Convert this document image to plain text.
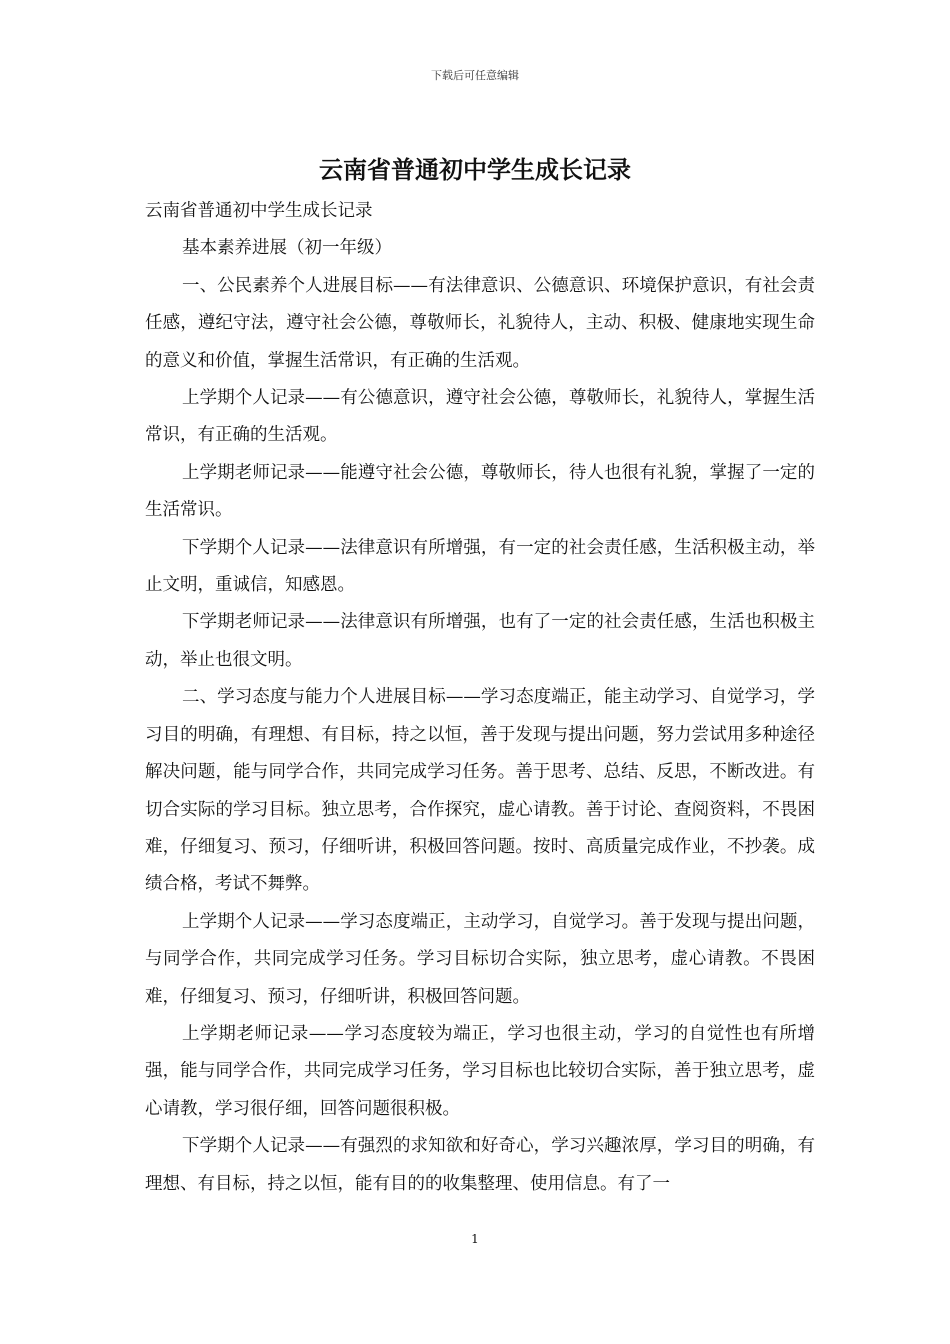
下载后可任意编辑
云南省普通初中学生成长记录

云南省普通初中学生成长记录

基本素养进展（初一年级）

一、公民素养个人进展目标——有法律意识、公德意识、环境保护意识，有社会责任感，遵纪守法，遵守社会公德，尊敬师长，礼貌待人，主动、积极、健康地实现生命的意义和价值，掌握生活常识，有正确的生活观。

上学期个人记录——有公德意识，遵守社会公德，尊敬师长，礼貌待人，掌握生活常识，有正确的生活观。

上学期老师记录——能遵守社会公德，尊敬师长，待人也很有礼貌，掌握了一定的生活常识。

下学期个人记录——法律意识有所增强，有一定的社会责任感，生活积极主动，举止文明，重诚信，知感恩。

下学期老师记录——法律意识有所增强，也有了一定的社会责任感，生活也积极主动，举止也很文明。

二、学习态度与能力个人进展目标——学习态度端正，能主动学习、自觉学习，学习目的明确，有理想、有目标，持之以恒，善于发现与提出问题，努力尝试用多种途径解决问题，能与同学合作，共同完成学习任务。善于思考、总结、反思，不断改进。有切合实际的学习目标。独立思考，合作探究，虚心请教。善于讨论、查阅资料，不畏困难，仔细复习、预习，仔细听讲，积极回答问题。按时、高质量完成作业，不抄袭。成绩合格，考试不舞弊。

上学期个人记录——学习态度端正，主动学习，自觉学习。善于发现与提出问题，与同学合作，共同完成学习任务。学习目标切合实际，独立思考，虚心请教。不畏困难，仔细复习、预习，仔细听讲，积极回答问题。

上学期老师记录——学习态度较为端正，学习也很主动，学习的自觉性也有所增强，能与同学合作，共同完成学习任务，学习目标也比较切合实际，善于独立思考，虚心请教，学习很仔细，回答问题很积极。

下学期个人记录——有强烈的求知欲和好奇心，学习兴趣浓厚，学习目的明确，有理想、有目标，持之以恒，能有目的的收集整理、使用信息。有了一

1
